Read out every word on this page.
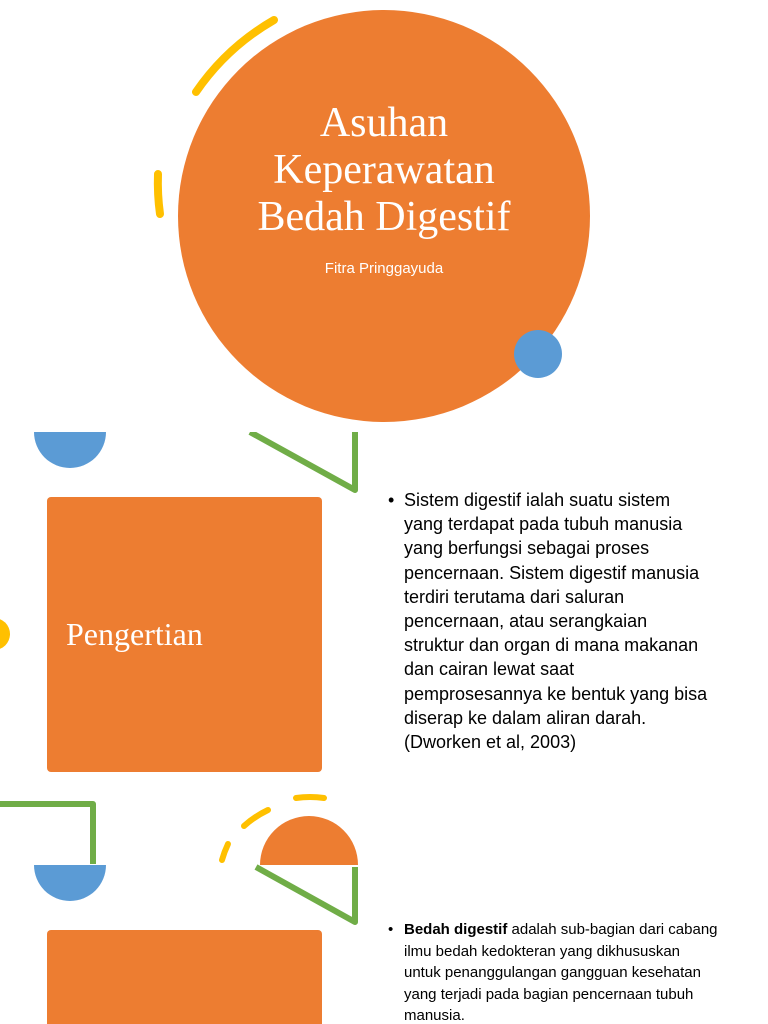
Asuhan
Keperawatan
Bedah Digestif
Fitra Pringgayuda
Pengertian
• Sistem digestif ialah suatu sistem yang terdapat pada tubuh manusia yang berfungsi sebagai proses pencernaan. Sistem digestif manusia terdiri terutama dari saluran pencernaan, atau serangkaian struktur dan organ di mana makanan dan cairan lewat saat pemprosesannya ke bentuk yang bisa diserap ke dalam aliran darah. (Dworken et al, 2003)
• Bedah digestif adalah sub-bagian dari cabang ilmu bedah kedokteran yang dikhususkan untuk penanggulangan gangguan kesehatan yang terjadi pada bagian pencernaan tubuh manusia.
